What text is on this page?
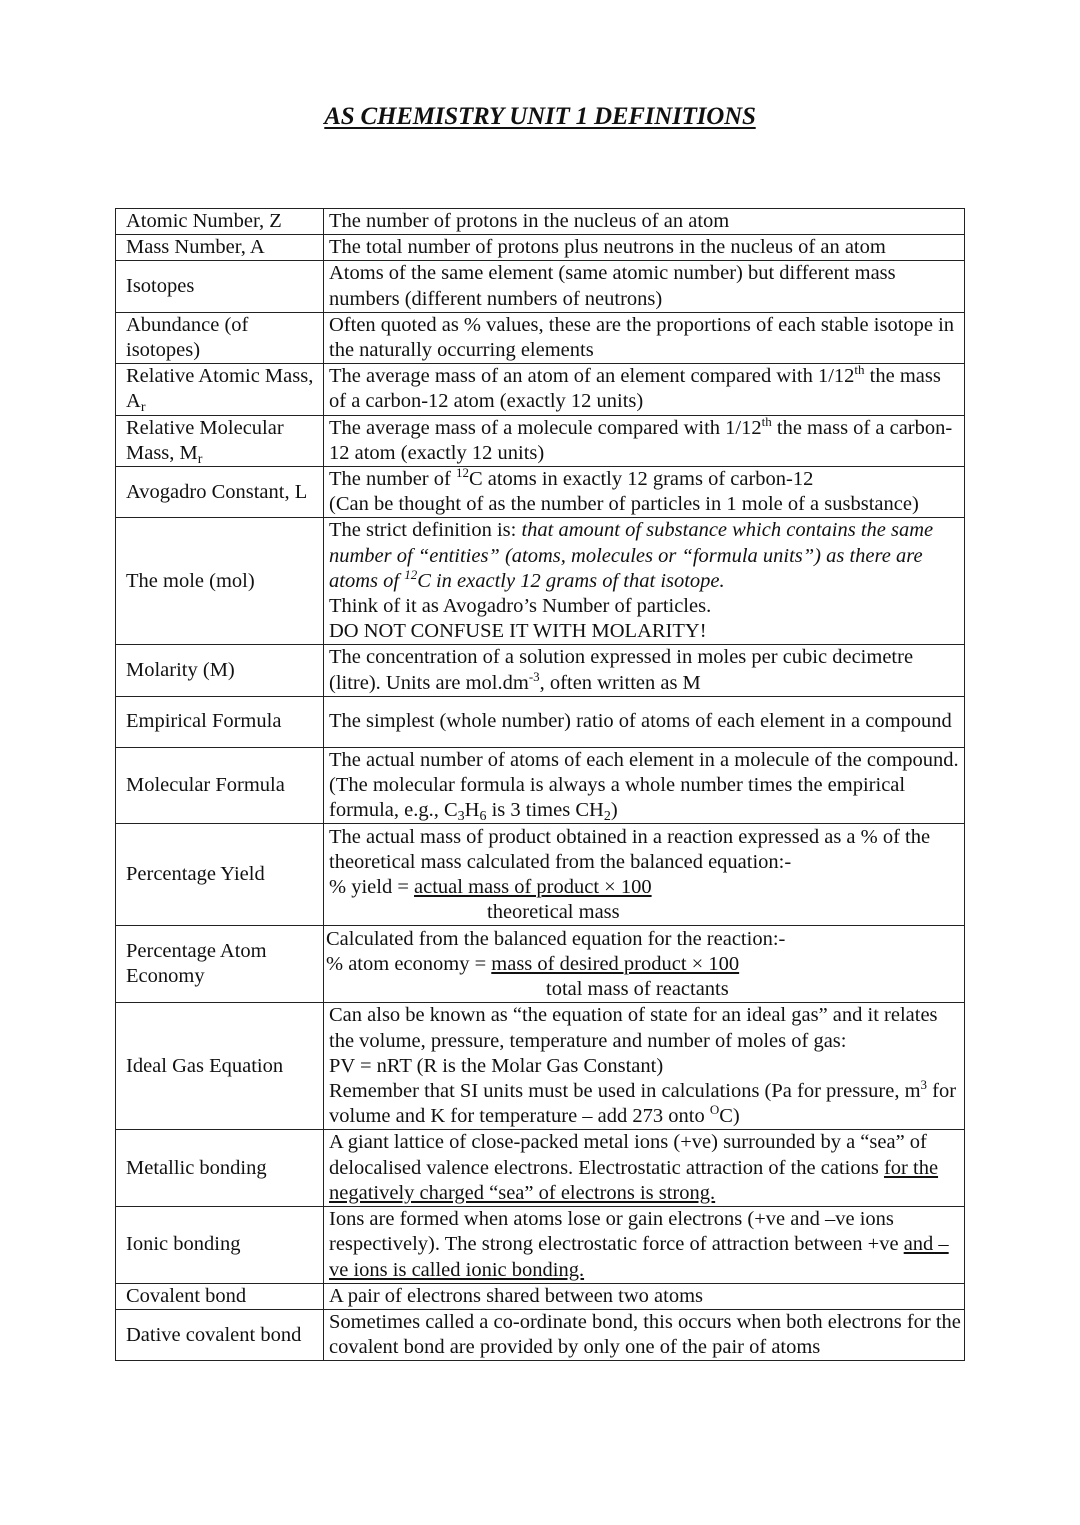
AS CHEMISTRY UNIT 1 DEFINITIONS
Atomic Number, Z	The number of protons in the nucleus of an atom
Mass Number, A	The total number of protons plus neutrons in the nucleus of an atom
Isotopes	Atoms of the same element (same atomic number) but different mass numbers (different numbers of neutrons)
Abundance (of isotopes)	Often quoted as % values, these are the proportions of each stable isotope in the naturally occurring elements
Relative Atomic Mass, $A_r$	The average mass of an atom of an element compared with 1/12th the mass of a carbon-12 atom (exactly 12 units)
Relative Molecular Mass, $M_r$	The average mass of a molecule compared with 1/12th the mass of a carbon-12 atom (exactly 12 units)
Avogadro Constant, L	The number of $^{12}$C atoms in exactly 12 grams of carbon-12
(Can be thought of as the number of particles in 1 mole of a susbstance)
The mole (mol)	The strict definition is: that amount of substance which contains the same number of “entities” (atoms, molecules or “formula units”) as there are atoms of $^{12}$C in exactly 12 grams of that isotope.
Think of it as Avogadro’s Number of particles.
DO NOT CONFUSE IT WITH MOLARITY!
Molarity (M)	The concentration of a solution expressed in moles per cubic decimetre (litre). Units are $mol.dm^{-3}$, often written as M
Empirical Formula	The simplest (whole number) ratio of atoms of each element in a compound
Molecular Formula	The actual number of atoms of each element in a molecule of the compound. (The molecular formula is always a whole number times the empirical formula, e.g., $C_3H_6$ is 3 times $CH_2$)
Percentage Yield	The actual mass of product obtained in a reaction expressed as a % of the theoretical mass calculated from the balanced equation:-
% yield = actual mass of product × 100
theoretical mass

Percentage Atom Economy	Calculated from the balanced equation for the reaction:-
% atom economy = mass of desired product × 100
total mass of reactants

Ideal Gas Equation	Can also be known as “the equation of state for an ideal gas” and it relates the volume, pressure, temperature and number of moles of gas:
PV = nRT (R is the Molar Gas Constant)
Remember that SI units must be used in calculations (Pa for pressure, $m^3$ for volume and K for temperature – add 273 onto $^O$C)
Metallic bonding	A giant lattice of close-packed metal ions (+ve) surrounded by a “sea” of delocalised valence electrons. Electrostatic attraction of the cations for the negatively charged “sea” of electrons is strong.
Ionic bonding	Ions are formed when atoms lose or gain electrons (+ve and –ve ions respectively). The strong electrostatic force of attraction between +ve and –ve ions is called ionic bonding.
Covalent bond	A pair of electrons shared between two atoms
Dative covalent bond	Sometimes called a co-ordinate bond, this occurs when both electrons for the covalent bond are provided by only one of the pair of atoms
